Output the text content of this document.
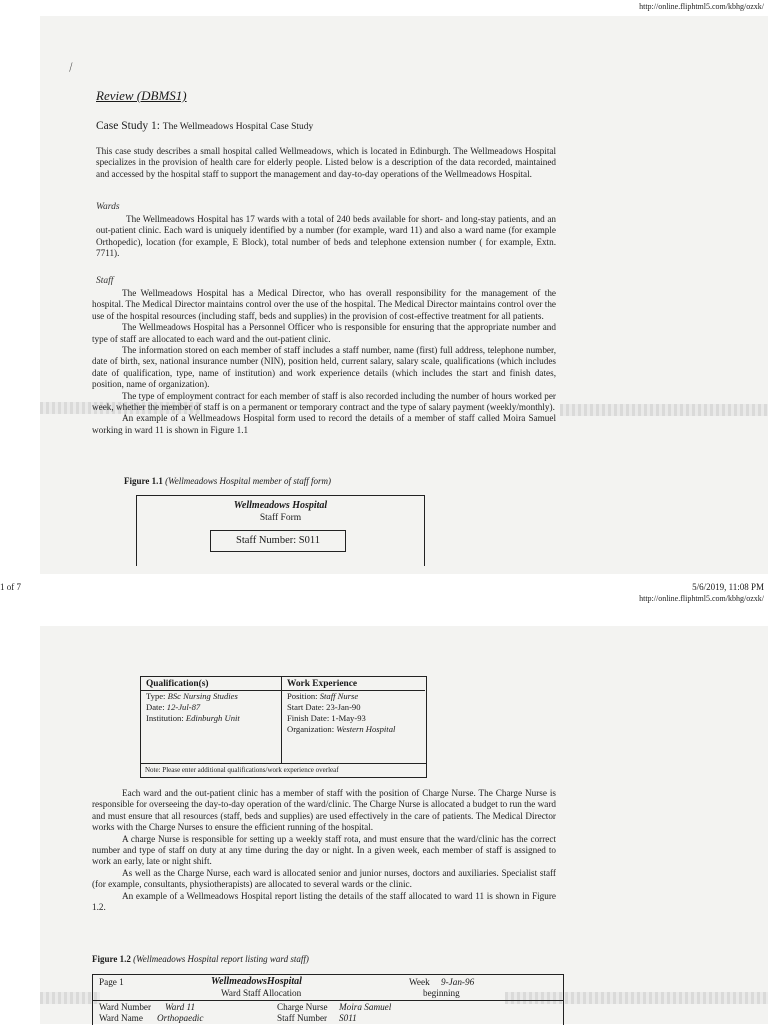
http://online.fliphtml5.com/kbhg/ozxk/
⁄
Review (DBMS1)
Case Study 1: The Wellmeadows Hospital Case Study

This case study describes a small hospital called Wellmeadows, which is located in Edinburgh. The Wellmeadows Hospital specializes in the provision of health care for elderly people. Listed below is a description of the data recorded, maintained and accessed by the hospital staff to support the management and day-to-day operations of the Wellmeadows Hospital.

Wards

The Wellmeadows Hospital has 17 wards with a total of 240 beds available for short- and long-stay patients, and an out-patient clinic. Each ward is uniquely identified by a number (for example, ward 11) and also a ward name (for example Orthopedic), location (for example, E Block), total number of beds and telephone extension number ( for example, Extn. 7711).

Staff

The Wellmeadows Hospital has a Medical Director, who has overall responsibility for the management of the hospital. The Medical Director maintains control over the use of the hospital. The Medical Director maintains control over the use of the hospital resources (including staff, beds and supplies) in the provision of cost-effective treatment for all patients.

The Wellmeadows Hospital has a Personnel Officer who is responsible for ensuring that the appropriate number and type of staff are allocated to each ward and the out-patient clinic.

The information stored on each member of staff includes a staff number, name (first) full address, telephone number, date of birth, sex, national insurance number (NIN), position held, current salary, salary scale, qualifications (which includes date of qualification, type, name of institution) and work experience details (which includes the start and finish dates, position, name of organization).

The type of employment contract for each member of staff is also recorded including the number of hours worked per week, whether the member of staff is on a permanent or temporary contract and the type of salary payment (weekly/monthly).

An example of a Wellmeadows Hospital form used to record the details of a member of staff called Moira Samuel working in ward 11 is shown in Figure 1.1

Figure 1.1 (Wellmeadows Hospital member of staff form)
Wellmeadows Hospital
Staff Form
Staff Number: S011
1 of 7	5/6/2019, 11:08 PM
http://online.fliphtml5.com/kbhg/ozxk/
Qualification(s)
Type: BSc Nursing Studies
Date: 12-Jul-87
Institution: Edinburgh Unit
Work Experience
Position: Staff Nurse
Start Date: 23-Jan-90
Finish Date: 1-May-93
Organization: Western Hospital
Note: Please enter additional qualifications/work experience overleaf

Each ward and the out-patient clinic has a member of staff with the position of Charge Nurse. The Charge Nurse is responsible for overseeing the day-to-day operation of the ward/clinic. The Charge Nurse is allocated a budget to run the ward and must ensure that all resources (staff, beds and supplies) are used effectively in the care of patients. The Medical Director works with the Charge Nurses to ensure the efficient running of the hospital.

A charge Nurse is responsible for setting up a weekly staff rota, and must ensure that the ward/clinic has the correct number and type of staff on duty at any time during the day or night. In a given week, each member of staff is assigned to work an early, late or night shift.

As well as the Charge Nurse, each ward is allocated senior and junior nurses, doctors and auxiliaries. Specialist staff (for example, consultants, physiotherapists) are allocated to several wards or the clinic.

An example of a Wellmeadows Hospital report listing the details of the staff allocated to ward 11 is shown in Figure 1.2.

Figure 1.2 (Wellmeadows Hospital report listing ward staff)
Page 1	WellmeadowsHospital
Ward Staff Allocation
Week 9-Jan-96
beginning
Ward Number Ward 11
Ward Name Orthopaedic
Charge Nurse Moira Samuel
Staff Number S011
